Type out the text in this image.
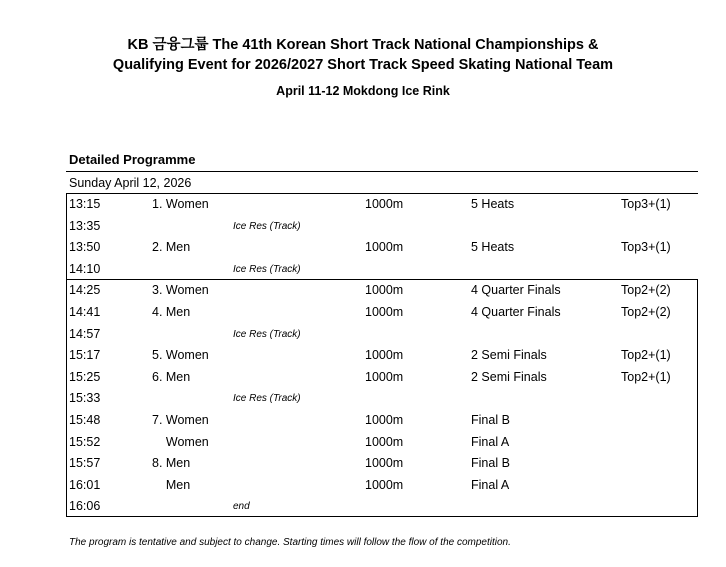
KB 금융그룹 The 41th Korean Short Track National Championships &
Qualifying Event for 2026/2027 Short Track Speed Skating National Team
April 11-12 Mokdong Ice Rink
Detailed Programme
Sunday April 12, 2026
13:15	1. Women	1000m	5 Heats	Top3+(1)
13:35	Ice Res (Track)
13:50	2. Men	1000m	5 Heats	Top3+(1)
14:10	Ice Res (Track)
14:25	3. Women	1000m	4 Quarter Finals	Top2+(2)
14:41	4. Men	1000m	4 Quarter Finals	Top2+(2)
14:57	Ice Res (Track)
15:17	5. Women	1000m	2 Semi Finals	Top2+(1)
15:25	6. Men	1000m	2 Semi Finals	Top2+(1)
15:33	Ice Res (Track)
15:48	7. Women	1000m	Final B
15:52	Women	1000m	Final A
15:57	8. Men	1000m	Final B
16:01	Men	1000m	Final A
16:06	end
The program is tentative and subject to change. Starting times will follow the flow of the competition.
